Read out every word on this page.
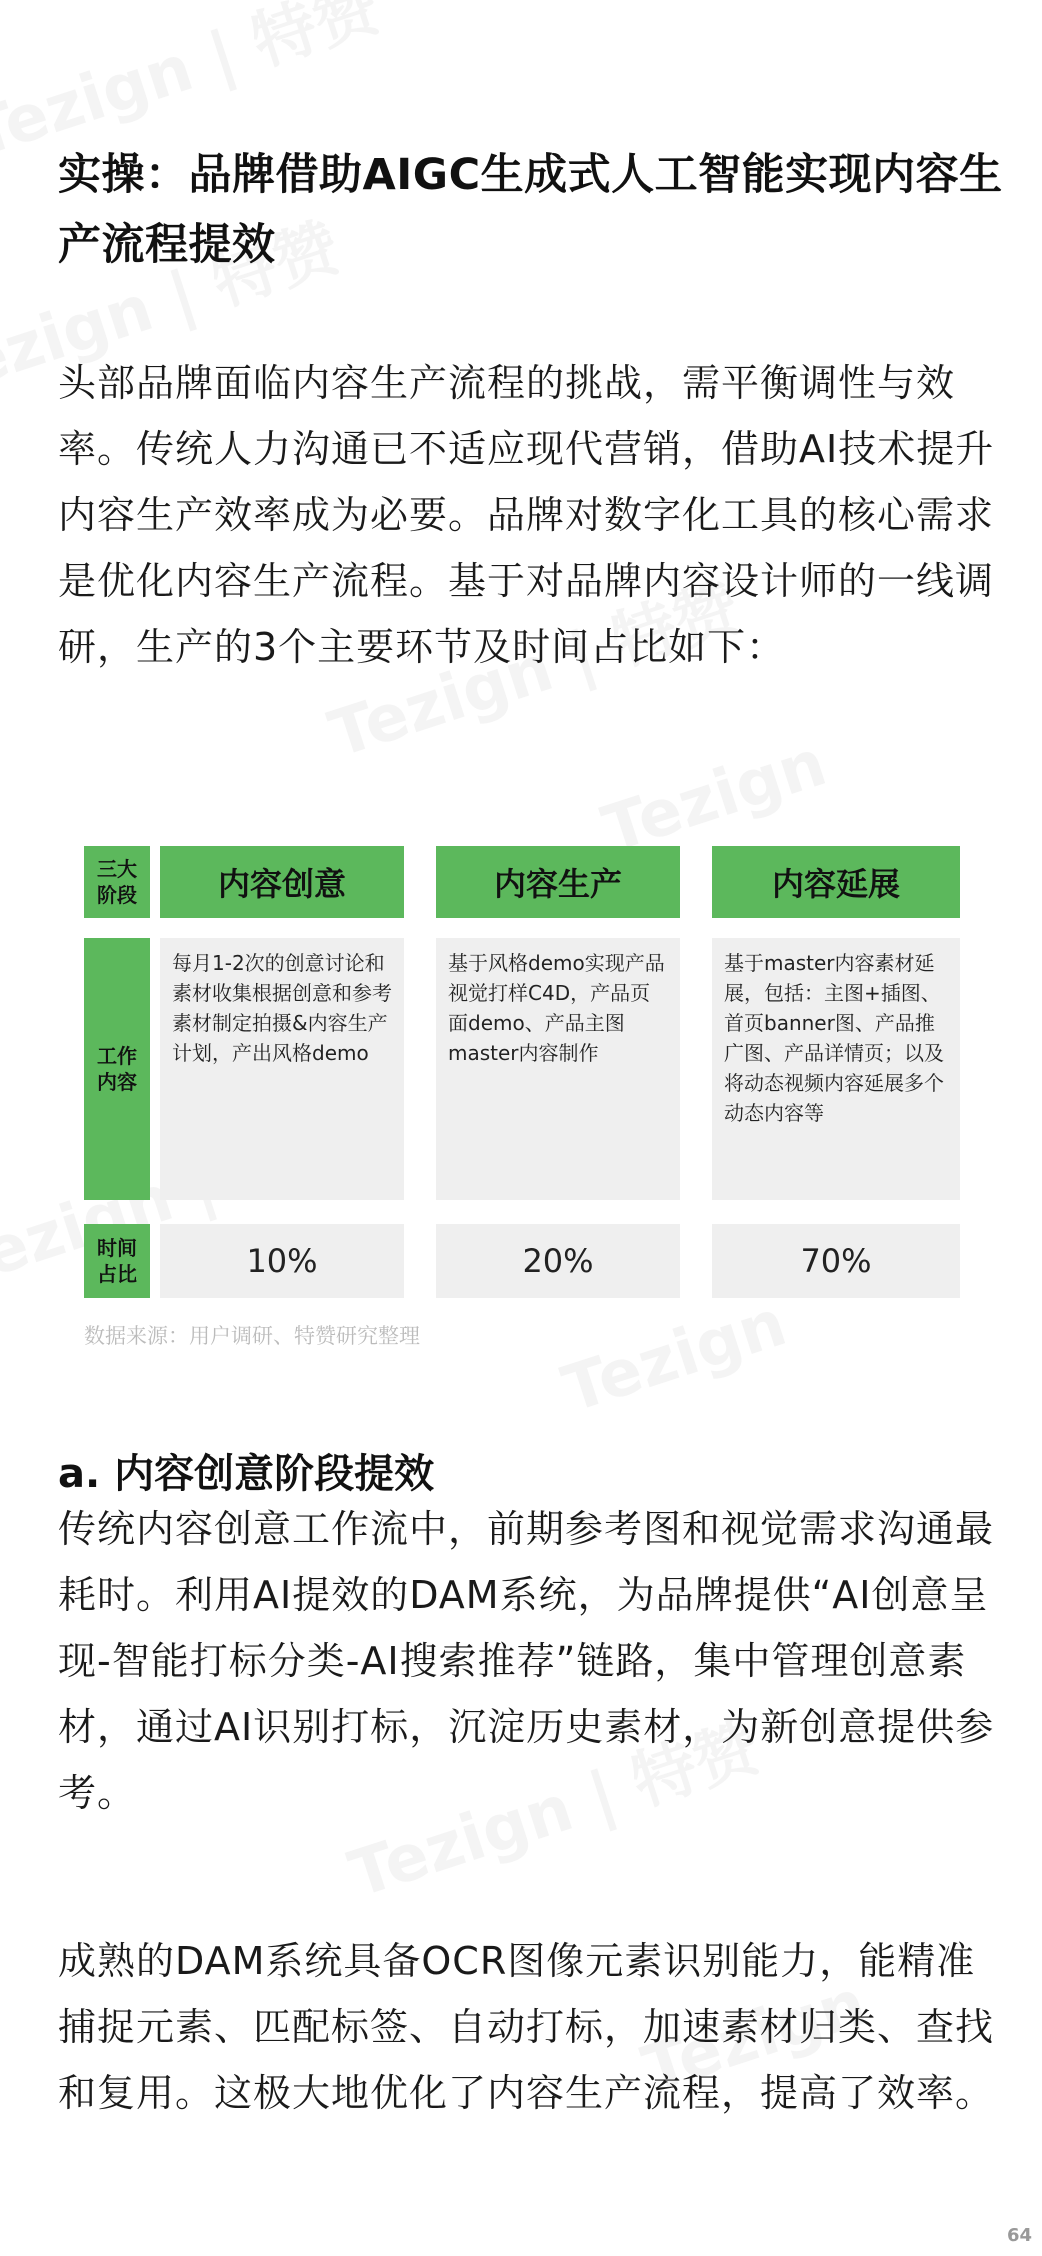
实操：品牌借助AIGC生成式人工智能实现内容生产流程提效

头部品牌面临内容生产流程的挑战，需平衡调性与效率。传统人力沟通已不适应现代营销，借助AI技术提升内容生产效率成为必要。品牌对数字化工具的核心需求是优化内容生产流程。基于对品牌内容设计师的一线调研，生产的3个主要环节及时间占比如下：

三大
阶段
工作
内容
时间
占比
内容创意
每月1-2次的创意讨论和素材收集根据创意和参考素材制定拍摄&内容生产计划，产出风格demo
10%
内容生产
基于风格demo实现产品视觉打样C4D，产品页面demo、产品主图master内容制作
20%
内容延展
基于master内容素材延展，包括：主图+插图、首页banner图、产品推广图、产品详情页；以及将动态视频内容延展多个动态内容等
70%
数据来源：用户调研、特赞研究整理
a. 内容创意阶段提效

传统内容创意工作流中，前期参考图和视觉需求沟通最耗时。利用AI提效的DAM系统，为品牌提供“AI创意呈现-智能打标分类-AI搜索推荐”链路，集中管理创意素材，通过AI识别打标，沉淀历史素材，为新创意提供参考。

成熟的DAM系统具备OCR图像元素识别能力，能精准捕捉元素、匹配标签、自动打标，加速素材归类、查找和复用。这极大地优化了内容生产流程，提高了效率。

64
